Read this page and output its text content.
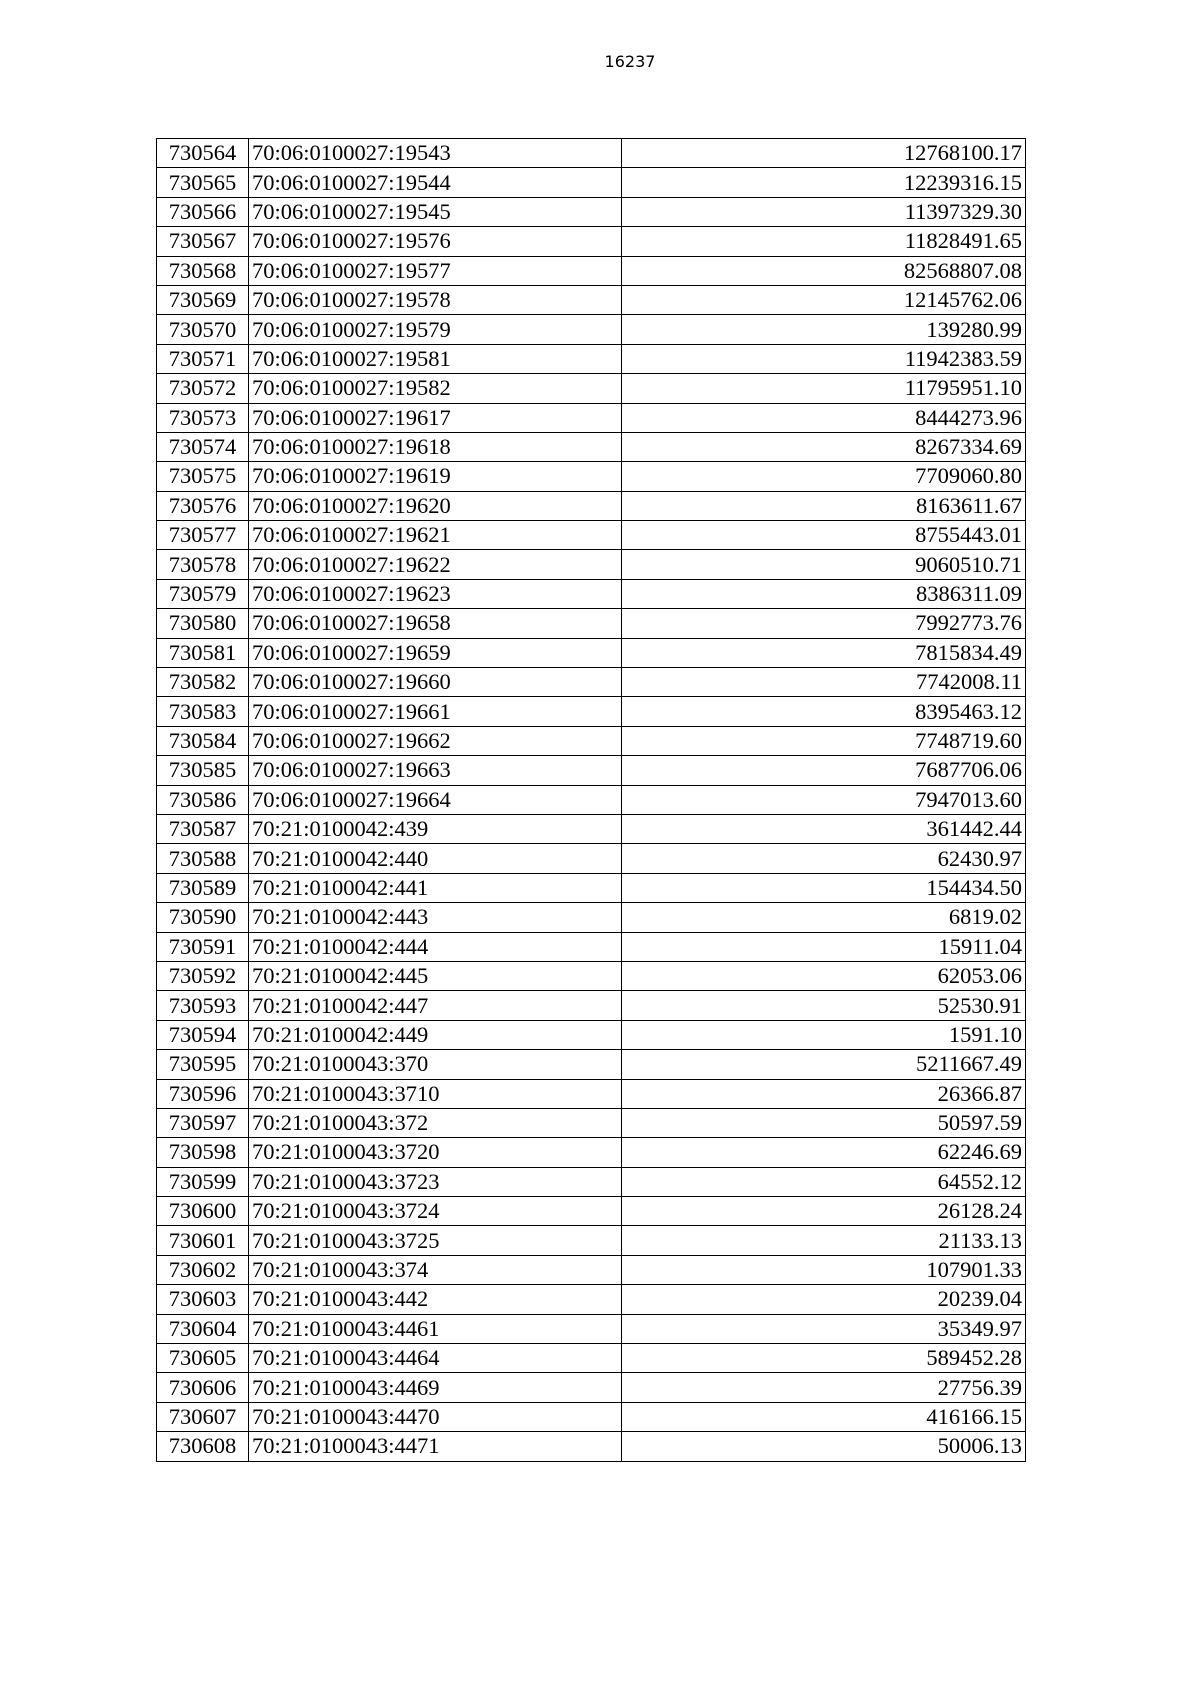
16237
730564	70:06:0100027:19543	12768100.17
730565	70:06:0100027:19544	12239316.15
730566	70:06:0100027:19545	11397329.30
730567	70:06:0100027:19576	11828491.65
730568	70:06:0100027:19577	82568807.08
730569	70:06:0100027:19578	12145762.06
730570	70:06:0100027:19579	139280.99
730571	70:06:0100027:19581	11942383.59
730572	70:06:0100027:19582	11795951.10
730573	70:06:0100027:19617	8444273.96
730574	70:06:0100027:19618	8267334.69
730575	70:06:0100027:19619	7709060.80
730576	70:06:0100027:19620	8163611.67
730577	70:06:0100027:19621	8755443.01
730578	70:06:0100027:19622	9060510.71
730579	70:06:0100027:19623	8386311.09
730580	70:06:0100027:19658	7992773.76
730581	70:06:0100027:19659	7815834.49
730582	70:06:0100027:19660	7742008.11
730583	70:06:0100027:19661	8395463.12
730584	70:06:0100027:19662	7748719.60
730585	70:06:0100027:19663	7687706.06
730586	70:06:0100027:19664	7947013.60
730587	70:21:0100042:439	361442.44
730588	70:21:0100042:440	62430.97
730589	70:21:0100042:441	154434.50
730590	70:21:0100042:443	6819.02
730591	70:21:0100042:444	15911.04
730592	70:21:0100042:445	62053.06
730593	70:21:0100042:447	52530.91
730594	70:21:0100042:449	1591.10
730595	70:21:0100043:370	5211667.49
730596	70:21:0100043:3710	26366.87
730597	70:21:0100043:372	50597.59
730598	70:21:0100043:3720	62246.69
730599	70:21:0100043:3723	64552.12
730600	70:21:0100043:3724	26128.24
730601	70:21:0100043:3725	21133.13
730602	70:21:0100043:374	107901.33
730603	70:21:0100043:442	20239.04
730604	70:21:0100043:4461	35349.97
730605	70:21:0100043:4464	589452.28
730606	70:21:0100043:4469	27756.39
730607	70:21:0100043:4470	416166.15
730608	70:21:0100043:4471	50006.13
